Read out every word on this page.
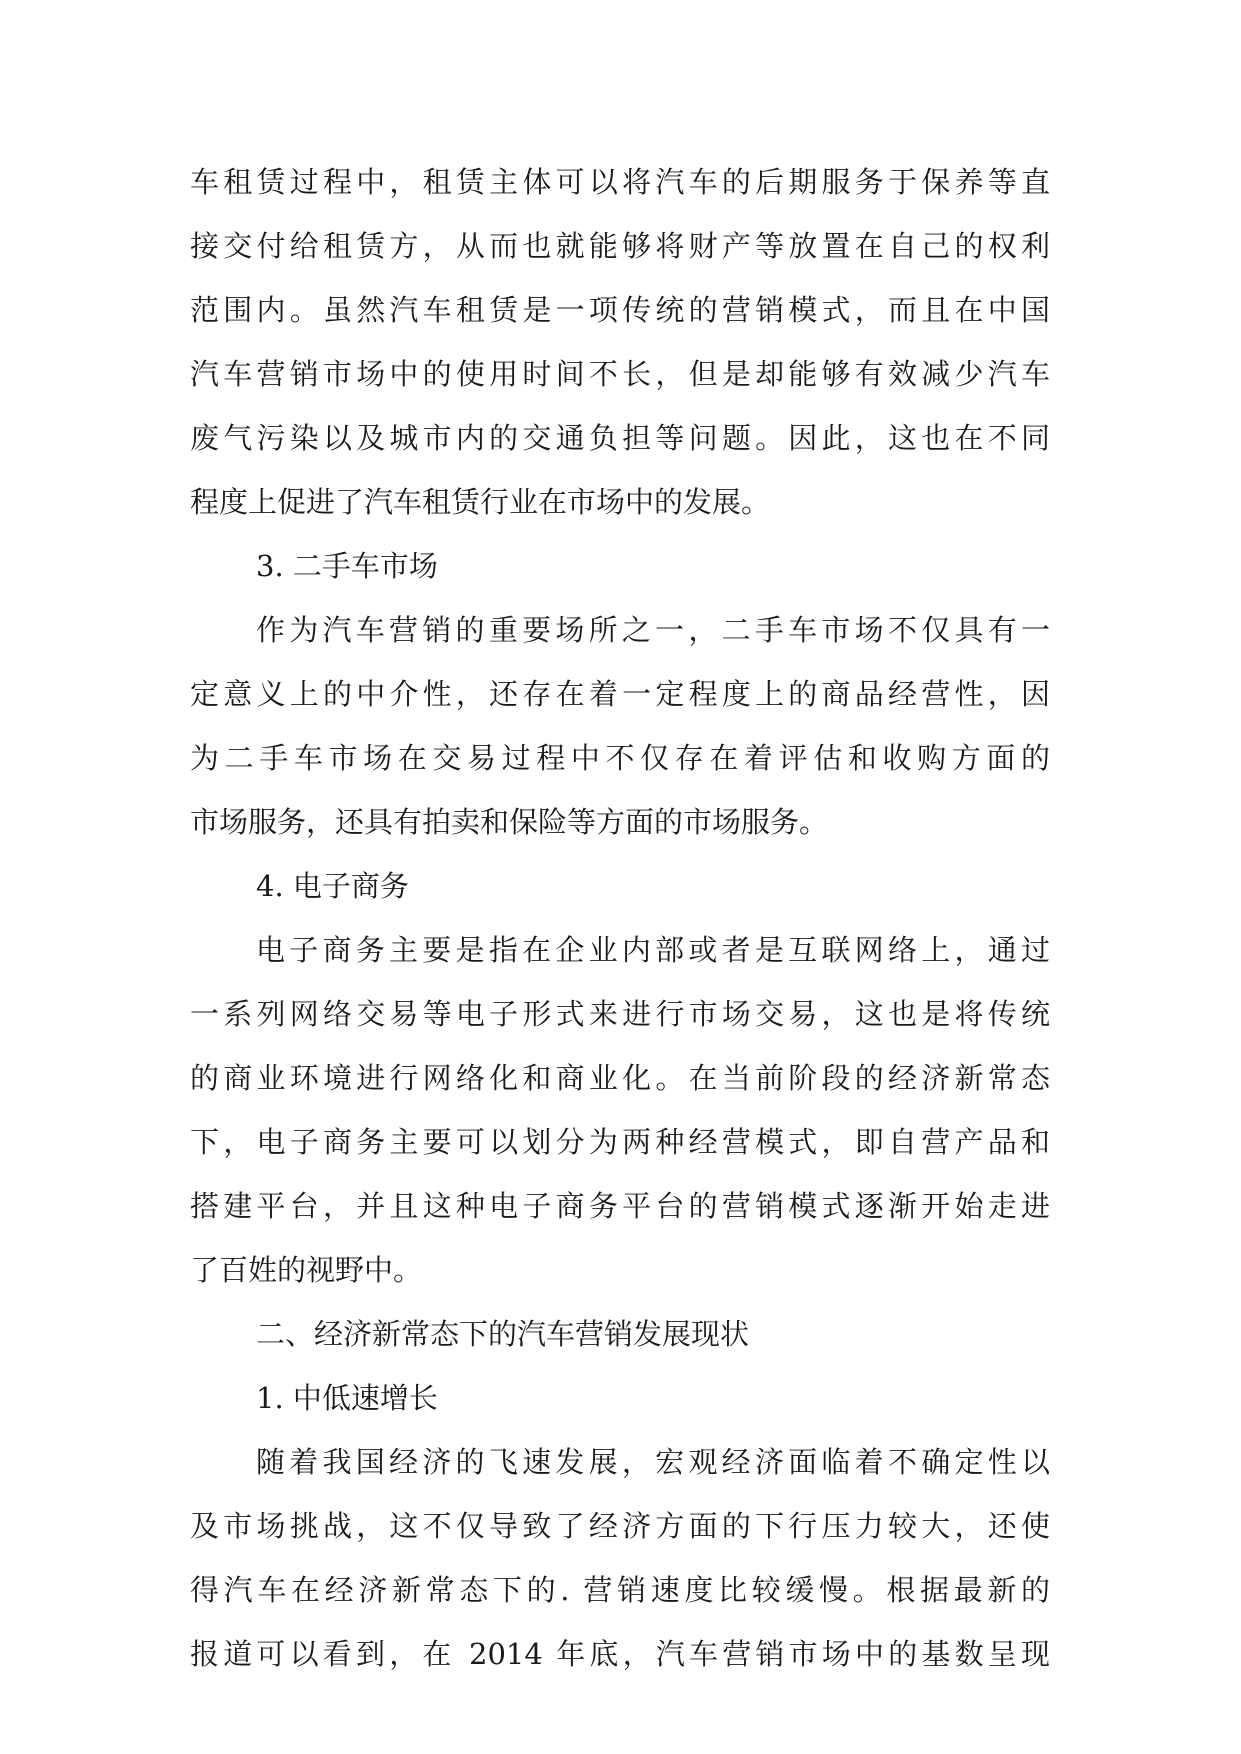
车租赁过程中，租赁主体可以将汽车的后期服务于保养等直
接交付给租赁方，从而也就能够将财产等放置在自己的权利
范围内。虽然汽车租赁是一项传统的营销模式，而且在中国
汽车营销市场中的使用时间不长，但是却能够有效减少汽车
废气污染以及城市内的交通负担等问题。因此，这也在不同
程度上促进了汽车租赁行业在市场中的发展。
3. 二手车市场
作为汽车营销的重要场所之一，二手车市场不仅具有一
定意义上的中介性，还存在着一定程度上的商品经营性，因
为二手车市场在交易过程中不仅存在着评估和收购方面的
市场服务，还具有拍卖和保险等方面的市场服务。
4. 电子商务
电子商务主要是指在企业内部或者是互联网络上，通过
一系列网络交易等电子形式来进行市场交易，这也是将传统
的商业环境进行网络化和商业化。在当前阶段的经济新常态
下，电子商务主要可以划分为两种经营模式，即自营产品和
搭建平台，并且这种电子商务平台的营销模式逐渐开始走进
了百姓的视野中。
二、经济新常态下的汽车营销发展现状
1. 中低速增长
随着我国经济的飞速发展，宏观经济面临着不确定性以
及市场挑战，这不仅导致了经济方面的下行压力较大，还使
得汽车在经济新常态下的. 营销速度比较缓慢。根据最新的
报道可以看到，在 2014 年底，汽车营销市场中的基数呈现
